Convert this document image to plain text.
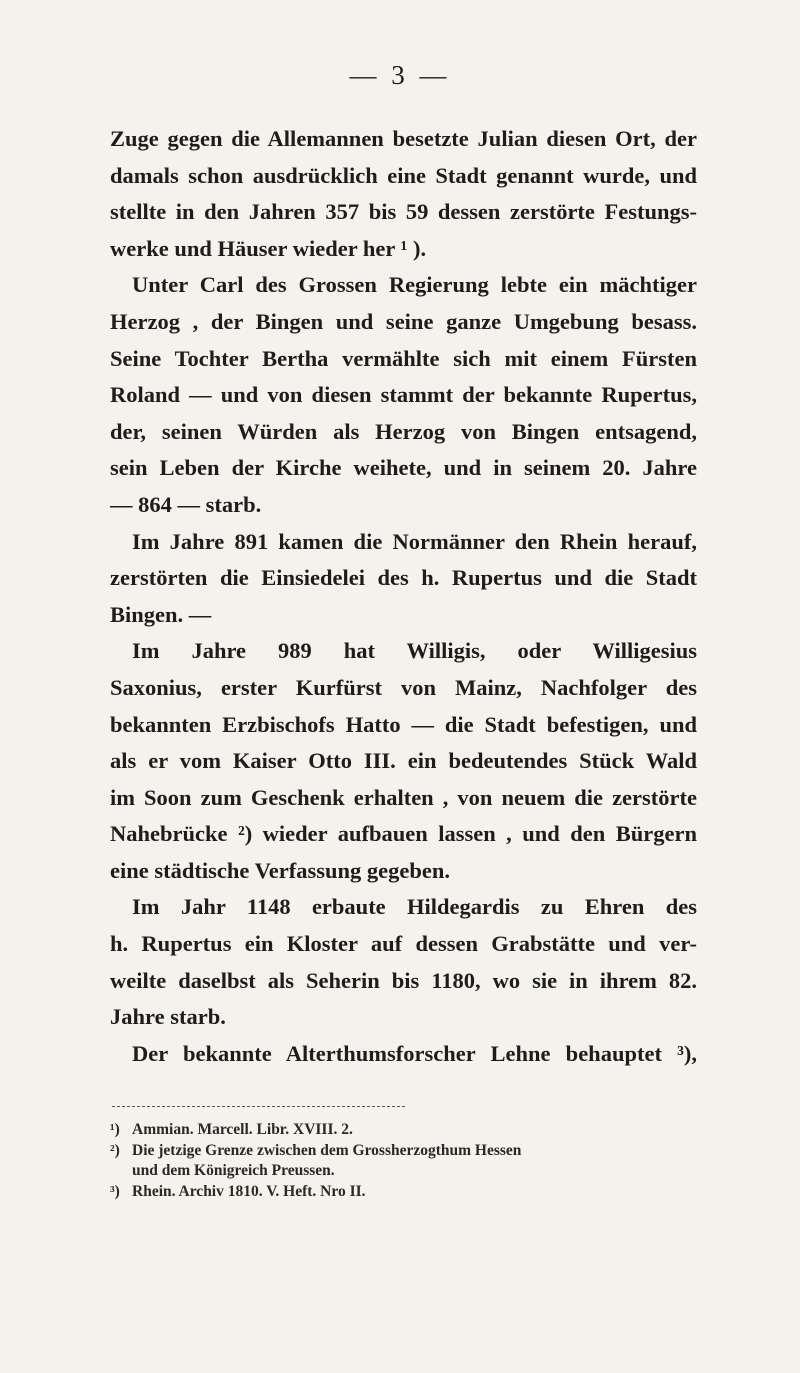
— 3 —
Zuge gegen die Allemannen besetzte Julian diesen Ort, der
damals schon ausdrücklich eine Stadt genannt wurde, und
stellte in den Jahren 357 bis 59 dessen zerstörte Festungs-
werke und Häuser wieder her ¹ ).
Unter Carl des Grossen Regierung lebte ein mächtiger
Herzog , der Bingen und seine ganze Umgebung besass.
Seine Tochter Bertha vermählte sich mit einem Fürsten
Roland — und von diesen stammt der bekannte Rupertus,
der, seinen Würden als Herzog von Bingen entsagend,
sein Leben der Kirche weihete, und in seinem 20. Jahre
— 864 — starb.
Im Jahre 891 kamen die Normänner den Rhein herauf,
zerstörten die Einsiedelei des h. Rupertus und die Stadt
Bingen. —
Im Jahre 989 hat Willigis, oder Willigesius
Saxonius, erster Kurfürst von Mainz, Nachfolger des
bekannten Erzbischofs Hatto — die Stadt befestigen, und
als er vom Kaiser Otto III. ein bedeutendes Stück Wald
im Soon zum Geschenk erhalten , von neuem die zerstörte
Nahebrücke ²) wieder aufbauen lassen , und den Bürgern
eine städtische Verfassung gegeben.
Im Jahr 1148 erbaute Hildegardis zu Ehren des
h. Rupertus ein Kloster auf dessen Grabstätte und ver-
weilte daselbst als Seherin bis 1180, wo sie in ihrem 82.
Jahre starb.
Der bekannte Alterthumsforscher Lehne behauptet ³),
¹) Ammian. Marcell. Libr. XVIII. 2.
²) Die jetzige Grenze zwischen dem Grossherzogthum Hessen
und dem Königreich Preussen.
³) Rhein. Archiv 1810. V. Heft. Nro II.
